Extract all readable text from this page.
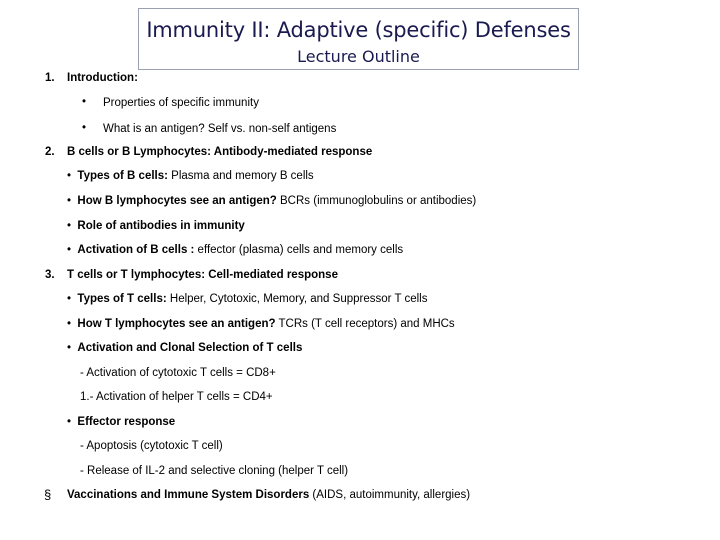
Immunity II: Adaptive (specific) Defenses
Lecture Outline
1. Introduction:
• Properties of specific immunity
• What is an antigen? Self vs. non-self antigens
2. B cells or B Lymphocytes: Antibody-mediated response
• Types of B cells: Plasma and memory B cells
• How B lymphocytes see an antigen? BCRs (immunoglobulins or antibodies)
• Role of antibodies in immunity
• Activation of B cells : effector (plasma) cells and memory cells
3. T cells or T lymphocytes: Cell-mediated response
• Types of T cells: Helper, Cytotoxic, Memory, and Suppressor T cells
• How T lymphocytes see an antigen? TCRs (T cell receptors) and MHCs
• Activation and Clonal Selection of T cells
- Activation of cytotoxic T cells = CD8+
1.- Activation of helper T cells = CD4+
• Effector response
- Apoptosis (cytotoxic T cell)
- Release of IL-2 and selective cloning (helper T cell)
§ Vaccinations and Immune System Disorders (AIDS, autoimmunity, allergies)
